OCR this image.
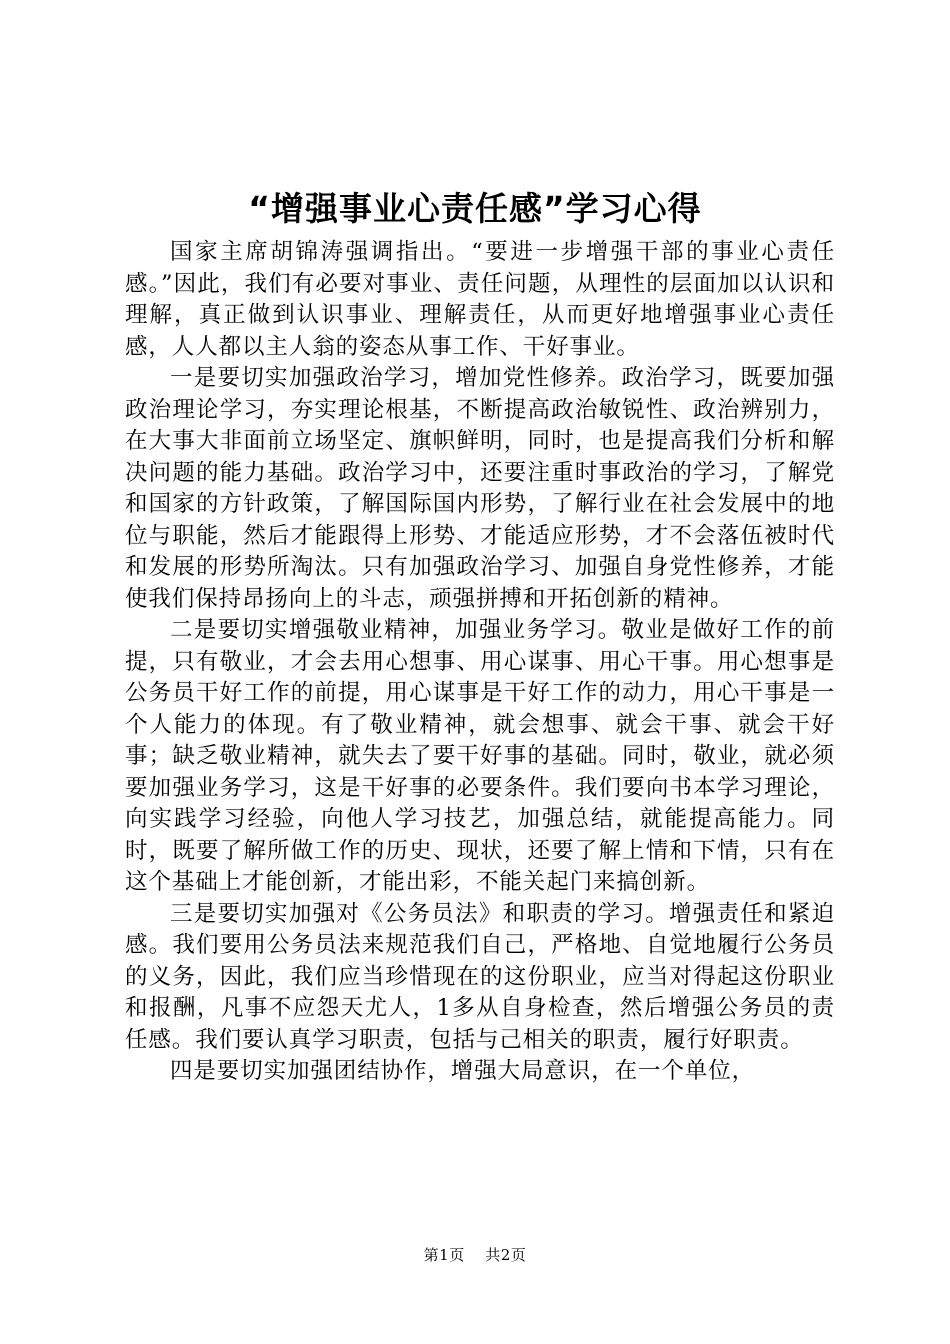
“增强事业心责任感”学习心得

国家主席胡锦涛强调指出。“要进一步增强干部的事业心责任感。”因此，我们有必要对事业、责任问题，从理性的层面加以认识和理解，真正做到认识事业、理解责任，从而更好地增强事业心责任感，人人都以主人翁的姿态从事工作、干好事业。

一是要切实加强政治学习，增加党性修养。政治学习，既要加强政治理论学习，夯实理论根基，不断提高政治敏锐性、政治辨别力，在大事大非面前立场坚定、旗帜鲜明，同时，也是提高我们分析和解决问题的能力基础。政治学习中，还要注重时事政治的学习，了解党和国家的方针政策，了解国际国内形势，了解行业在社会发展中的地位与职能，然后才能跟得上形势、才能适应形势，才不会落伍被时代和发展的形势所淘汰。只有加强政治学习、加强自身党性修养，才能使我们保持昂扬向上的斗志，顽强拼搏和开拓创新的精神。

二是要切实增强敬业精神，加强业务学习。敬业是做好工作的前提，只有敬业，才会去用心想事、用心谋事、用心干事。用心想事是公务员干好工作的前提，用心谋事是干好工作的动力，用心干事是一个人能力的体现。有了敬业精神，就会想事、就会干事、就会干好事；缺乏敬业精神，就失去了要干好事的基础。同时，敬业，就必须要加强业务学习，这是干好事的必要条件。我们要向书本学习理论，向实践学习经验，向他人学习技艺，加强总结，就能提高能力。同时，既要了解所做工作的历史、现状，还要了解上情和下情，只有在这个基础上才能创新，才能出彩，不能关起门来搞创新。

三是要切实加强对《公务员法》和职责的学习。增强责任和紧迫感。我们要用公务员法来规范我们自己，严格地、自觉地履行公务员的义务，因此，我们应当珍惜现在的这份职业，应当对得起这份职业和报酬，凡事不应怨天尤人，1多从自身检查，然后增强公务员的责任感。我们要认真学习职责，包括与己相关的职责，履行好职责。

四是要切实加强团结协作，增强大局意识，在一个单位，

第1页 共2页
